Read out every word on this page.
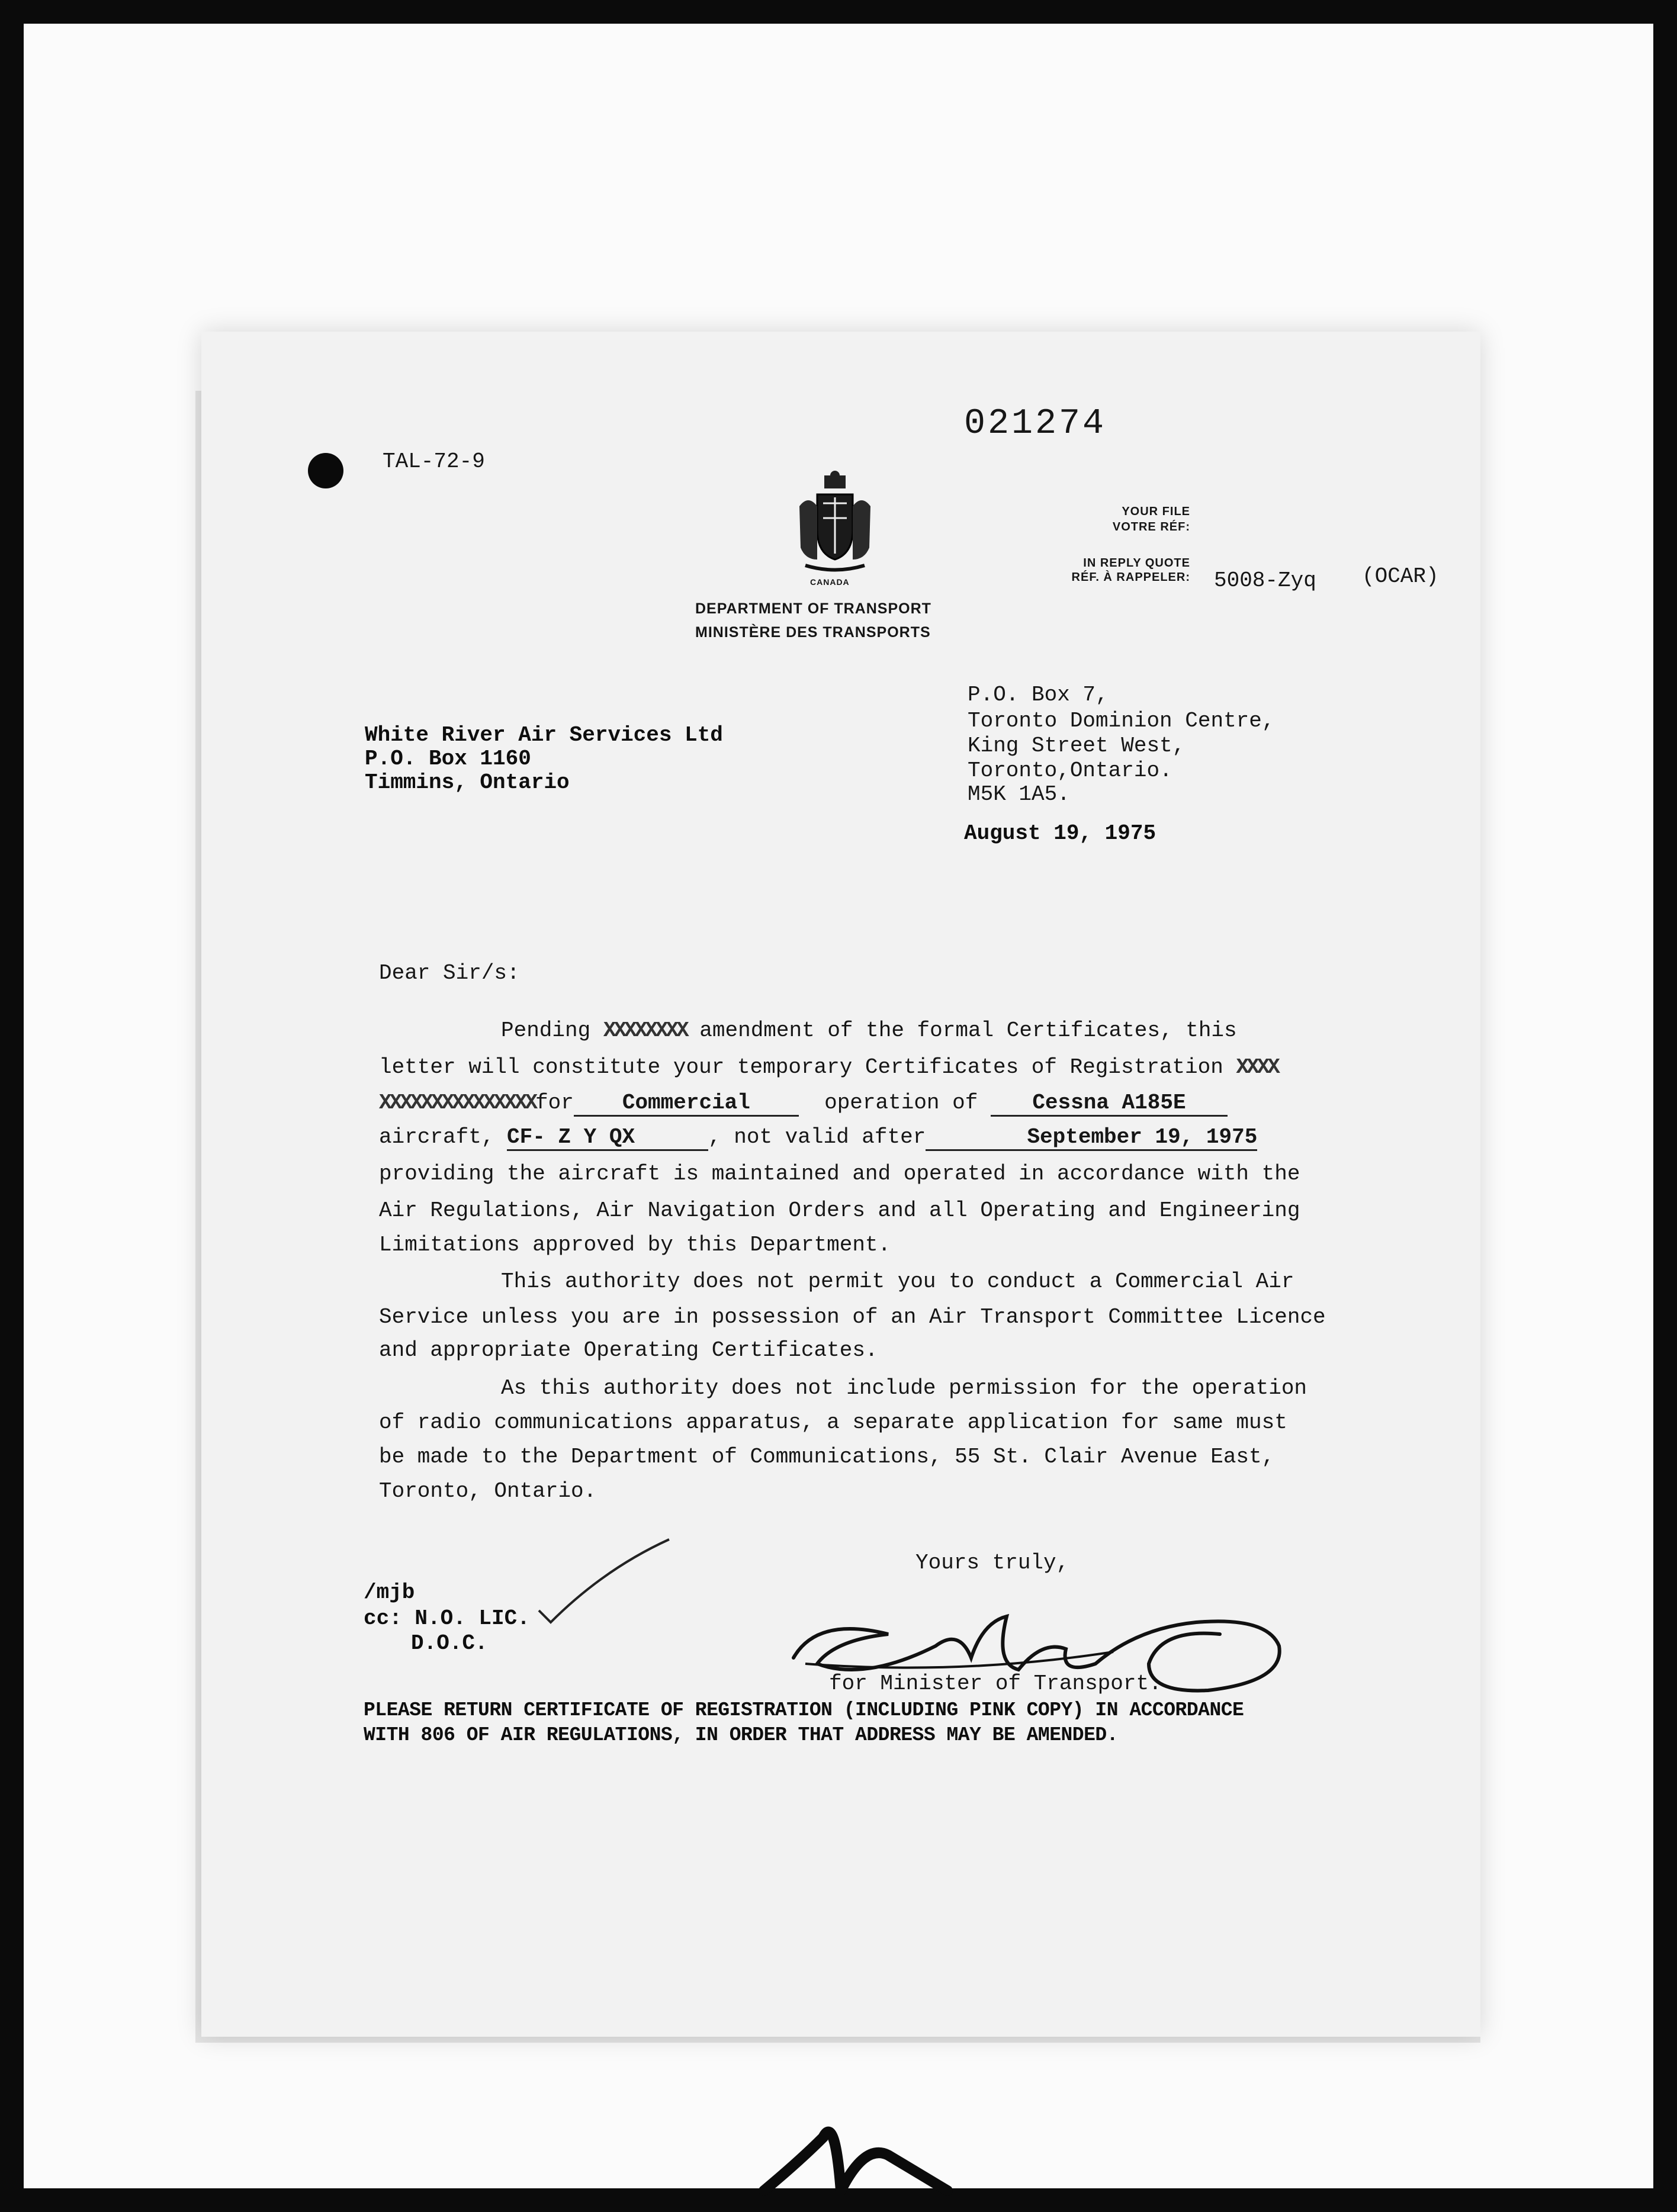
TAL-72-9
021274
CANADA
DEPARTMENT OF TRANSPORT
MINISTÈRE DES TRANSPORTS
YOUR FILE
VOTRE RÉF:
IN REPLY QUOTE
RÉF. À RAPPELER: 5008-Zyq (OCAR)
P.O. Box 7,
Toronto Dominion Centre,
King Street West,
Toronto,Ontario.
M5K 1A5.
August 19, 1975
White River Air Services Ltd
P.O. Box 1160
Timmins, Ontario
Dear Sir/s:
Pending XXXXXXXX amendment of the formal Certificates, this
letter will constitute your temporary Certificates of Registration XXXX
XXXXXXXXXXXXXXXfor Commercial	operation of	Cessna A185E
aircraft, CF- Z Y QX	, not valid after	September 19, 1975
providing the aircraft is maintained and operated in accordance with the
Air Regulations, Air Navigation Orders and all Operating and Engineering
Limitations approved by this Department.
This authority does not permit you to conduct a Commercial Air
Service unless you are in possession of an Air Transport Committee Licence
and appropriate Operating Certificates.
As this authority does not include permission for the operation
of radio communications apparatus, a separate application for same must
be made to the Department of Communications, 55 St. Clair Avenue East,
Toronto, Ontario.
Yours truly,
for Minister of Transport.
/mjb
cc: N.O. LIC.
D.O.C.
PLEASE RETURN CERTIFICATE OF REGISTRATION (INCLUDING PINK COPY) IN ACCORDANCE
WITH 806 OF AIR REGULATIONS, IN ORDER THAT ADDRESS MAY BE AMENDED.
